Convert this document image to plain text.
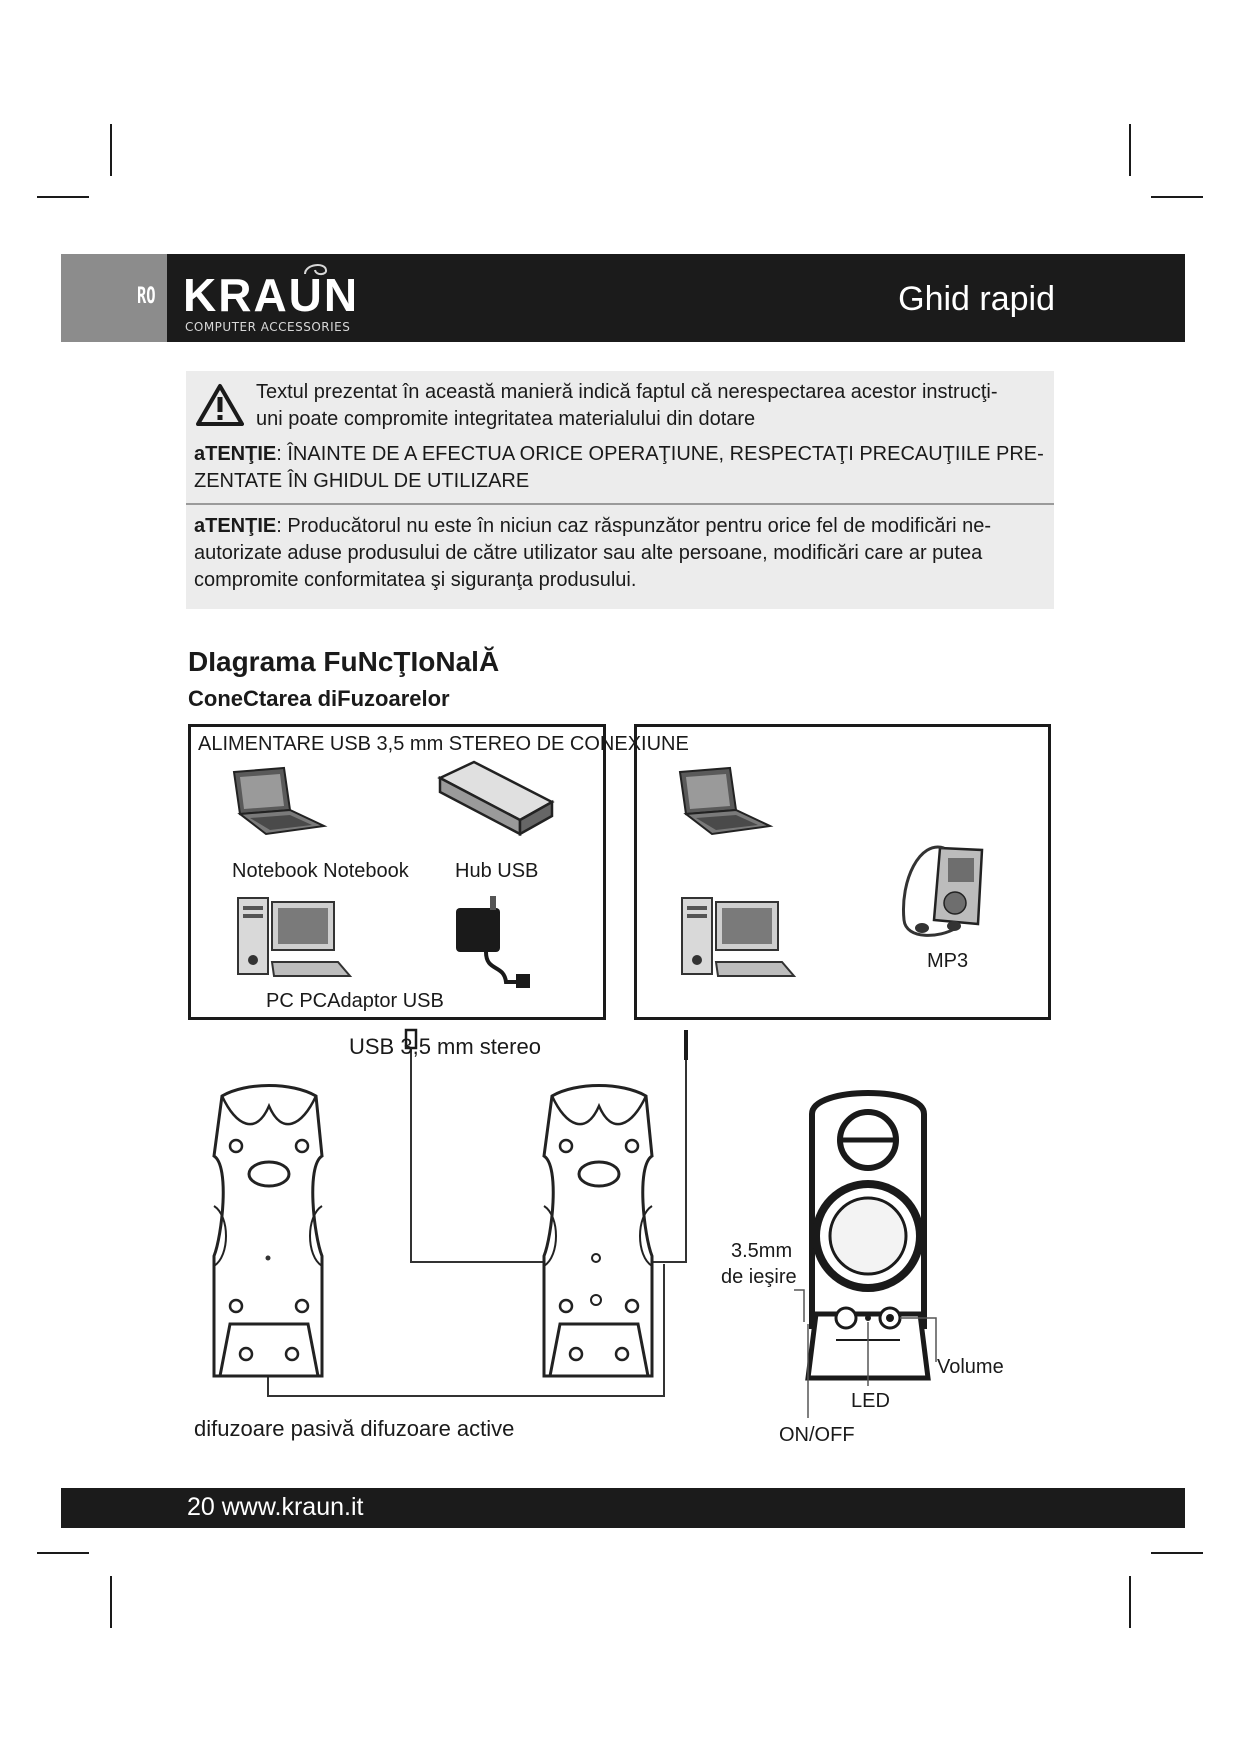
RO KRAUN
COMPUTER ACCESSORIES
Ghid rapid
Textul prezentat în această manieră indică faptul că nerespectarea acestor instrucţi-
uni poate compromite integritatea materialului din dotare
aTENŢIE: ÎNAINTE DE A EFECTUA ORICE OPERAŢIUNE, RESPECTAŢI PRECAUŢIILE PRE-
ZENTATE ÎN GHIDUL DE UTILIZARE
aTENŢIE: Producătorul nu este în niciun caz răspunzător pentru orice fel de modificări ne-
autorizate aduse produsului de către utilizator sau alte persoane, modificări care ar putea
compromite conformitatea şi siguranţa produsului.
DIagrama FuNcŢIoNalĂ
ConeCtarea diFuzoarelor
ALIMENTARE USB 3,5 mm STEREO DE CONEXIUNE
Notebook Notebook Hub USB
PC PCAdaptor USB
MP3
USB 3,5 mm stereo
3.5mm
de ieşire
Volume
LED
ON/OFF
difuzoare pasivă difuzoare active
20 www.kraun.it
